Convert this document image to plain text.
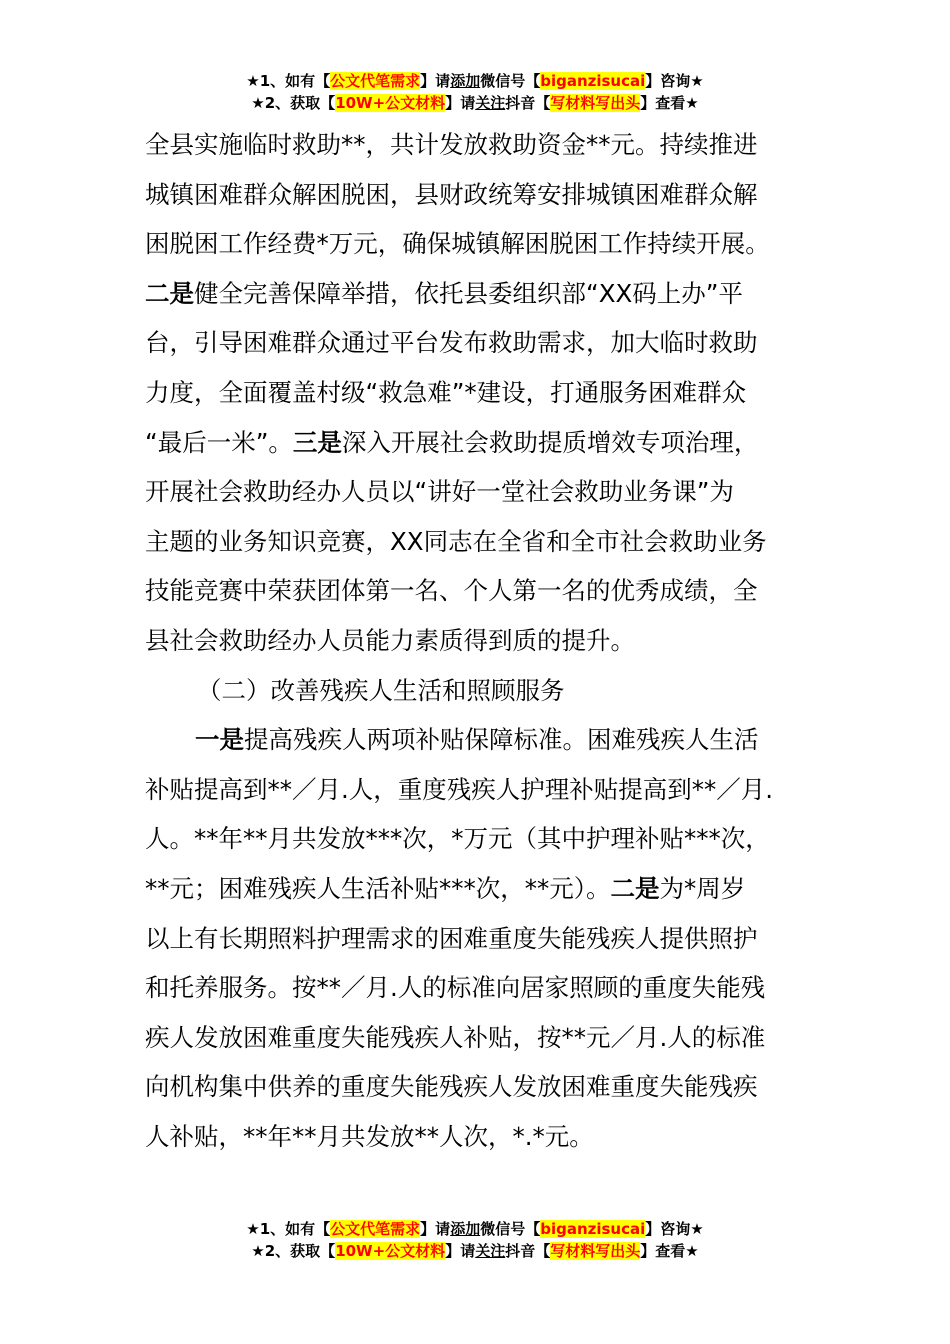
★1、如有【公文代笔需求】请添加微信号【biganzisucai】咨询★
★2、获取【10W+公文材料】请关注抖音【写材料写出头】查看★
全县实施临时救助**，共计发放救助资金**元。持续推进
城镇困难群众解困脱困，县财政统筹安排城镇困难群众解
困脱困工作经费*万元，确保城镇解困脱困工作持续开展。
二是健全完善保障举措，依托县委组织部“XX码上办”平
台，引导困难群众通过平台发布救助需求，加大临时救助
力度，全面覆盖村级“救急难”*建设，打通服务困难群众
“最后一米”。三是深入开展社会救助提质增效专项治理，
开展社会救助经办人员以“讲好一堂社会救助业务课”为
主题的业务知识竞赛，XX同志在全省和全市社会救助业务
技能竞赛中荣获团体第一名、个人第一名的优秀成绩，全
县社会救助经办人员能力素质得到质的提升。
（二）改善残疾人生活和照顾服务
一是提高残疾人两项补贴保障标准。困难残疾人生活
补贴提高到**／月.人，重度残疾人护理补贴提高到**／月.
人。**年**月共发放***次，*万元（其中护理补贴***次，
**元；困难残疾人生活补贴***次，**元）。二是为*周岁
以上有长期照料护理需求的困难重度失能残疾人提供照护
和托养服务。按**／月.人的标准向居家照顾的重度失能残
疾人发放困难重度失能残疾人补贴，按**元／月.人的标准
向机构集中供养的重度失能残疾人发放困难重度失能残疾
人补贴，**年**月共发放**人次，*.*元。
★1、如有【公文代笔需求】请添加微信号【biganzisucai】咨询★
★2、获取【10W+公文材料】请关注抖音【写材料写出头】查看★
